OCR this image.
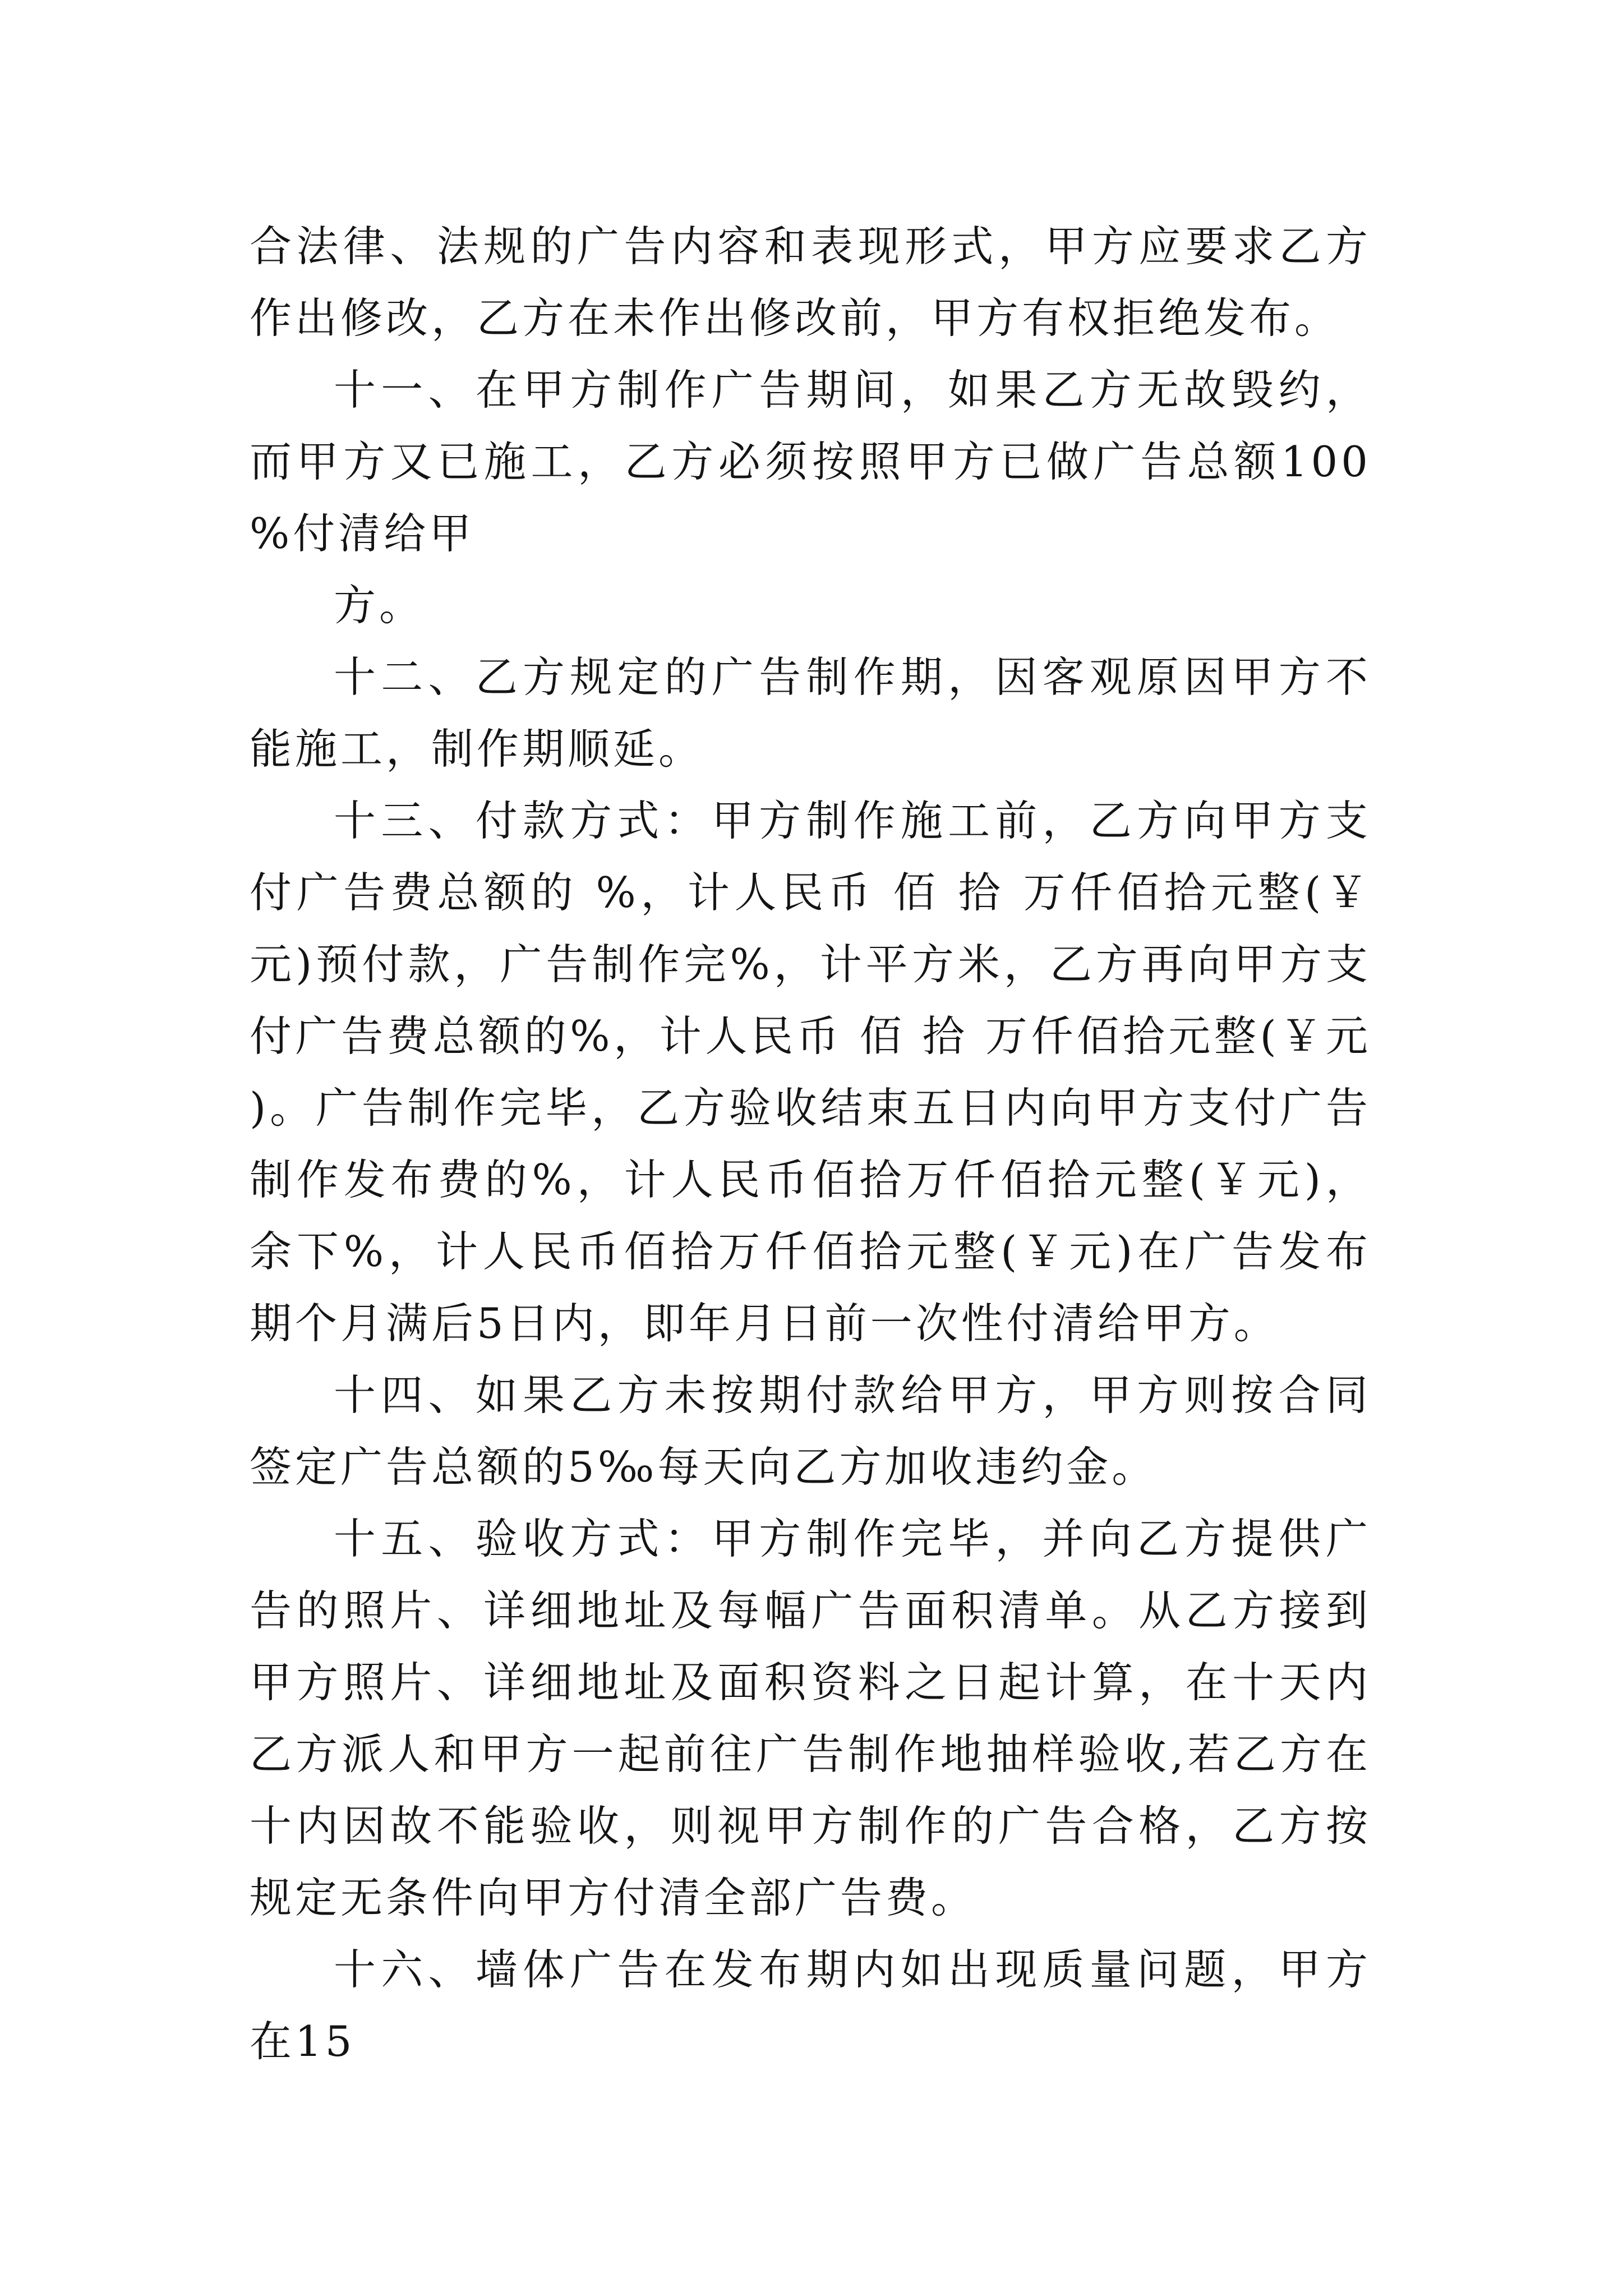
合法律、法规的广告内容和表现形式，甲方应要求乙方作出修改，乙方在未作出修改前，甲方有权拒绝发布。

十一、在甲方制作广告期间，如果乙方无故毁约，而甲方又已施工，乙方必须按照甲方已做广告总额100%付清给甲

方。

十二、乙方规定的广告制作期，因客观原因甲方不能施工，制作期顺延。

十三、付款方式：甲方制作施工前，乙方向甲方支付广告费总额的 %，计人民币 佰 拾 万仟佰拾元整(￥元)预付款，广告制作完%，计平方米，乙方再向甲方支付广告费总额的%，计人民币 佰 拾 万仟佰拾元整(￥元)。广告制作完毕，乙方验收结束五日内向甲方支付广告制作发布费的%，计人民币佰拾万仟佰拾元整(￥元)，余下%，计人民币佰拾万仟佰拾元整(￥元)在广告发布期个月满后5日内，即年月日前一次性付清给甲方。

十四、如果乙方未按期付款给甲方，甲方则按合同签定广告总额的5‰每天向乙方加收违约金。

十五、验收方式：甲方制作完毕，并向乙方提供广告的照片、详细地址及每幅广告面积清单。从乙方接到甲方照片、详细地址及面积资料之日起计算，在十天内乙方派人和甲方一起前往广告制作地抽样验收,若乙方在十内因故不能验收，则视甲方制作的广告合格，乙方按规定无条件向甲方付清全部广告费。

十六、墙体广告在发布期内如出现质量问题，甲方在15
